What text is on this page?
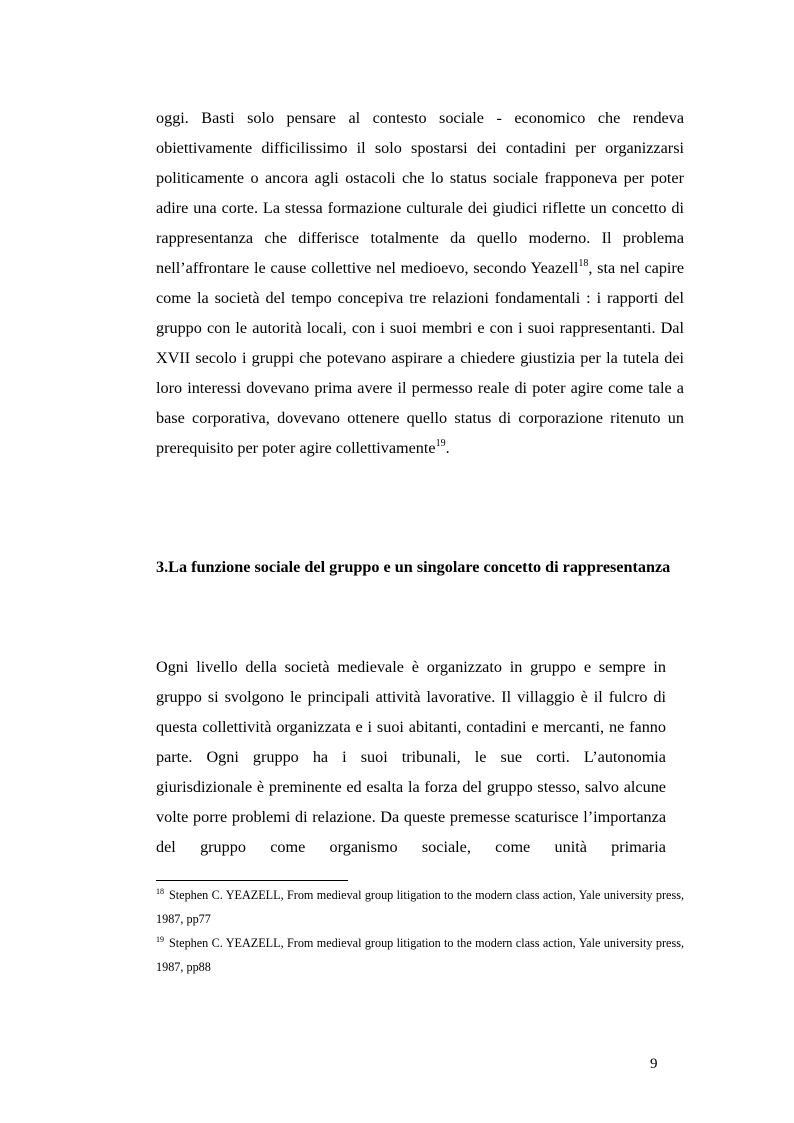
oggi. Basti solo pensare al contesto sociale - economico che rendeva obiettivamente difficilissimo il solo spostarsi dei contadini per organizzarsi politicamente o ancora agli ostacoli che lo status sociale frapponeva per poter adire una corte. La stessa formazione culturale dei giudici riflette un concetto di rappresentanza che differisce totalmente da quello moderno. Il problema nell’affrontare le cause collettive nel medioevo, secondo Yeazell$^{18}$, sta nel capire come la società del tempo concepiva tre relazioni fondamentali : i rapporti del gruppo con le autorità locali, con i suoi membri e con i suoi rappresentanti. Dal XVII secolo i gruppi che potevano aspirare a chiedere giustizia per la tutela dei loro interessi dovevano prima avere il permesso reale di poter agire come tale a base corporativa, dovevano ottenere quello status di corporazione ritenuto un prerequisito per poter agire collettivamente$^{19}$.

3.La funzione sociale del gruppo e un singolare concetto di rappresentanza

Ogni livello della società medievale è organizzato in gruppo e sempre in gruppo si svolgono le principali attività lavorative. Il villaggio è il fulcro di questa collettività organizzata e i suoi abitanti, contadini e mercanti, ne fanno parte. Ogni gruppo ha i suoi tribunali, le sue corti. L’autonomia giurisdizionale è preminente ed esalta la forza del gruppo stesso, salvo alcune volte porre problemi di relazione. Da queste premesse scaturisce l’importanza del gruppo come organismo sociale, come unità primaria

$^{18}$ Stephen C. YEAZELL, From medieval group litigation to the modern class action, Yale university press, 1987, pp77

$^{19}$ Stephen C. YEAZELL, From medieval group litigation to the modern class action, Yale university press, 1987, pp88

9
